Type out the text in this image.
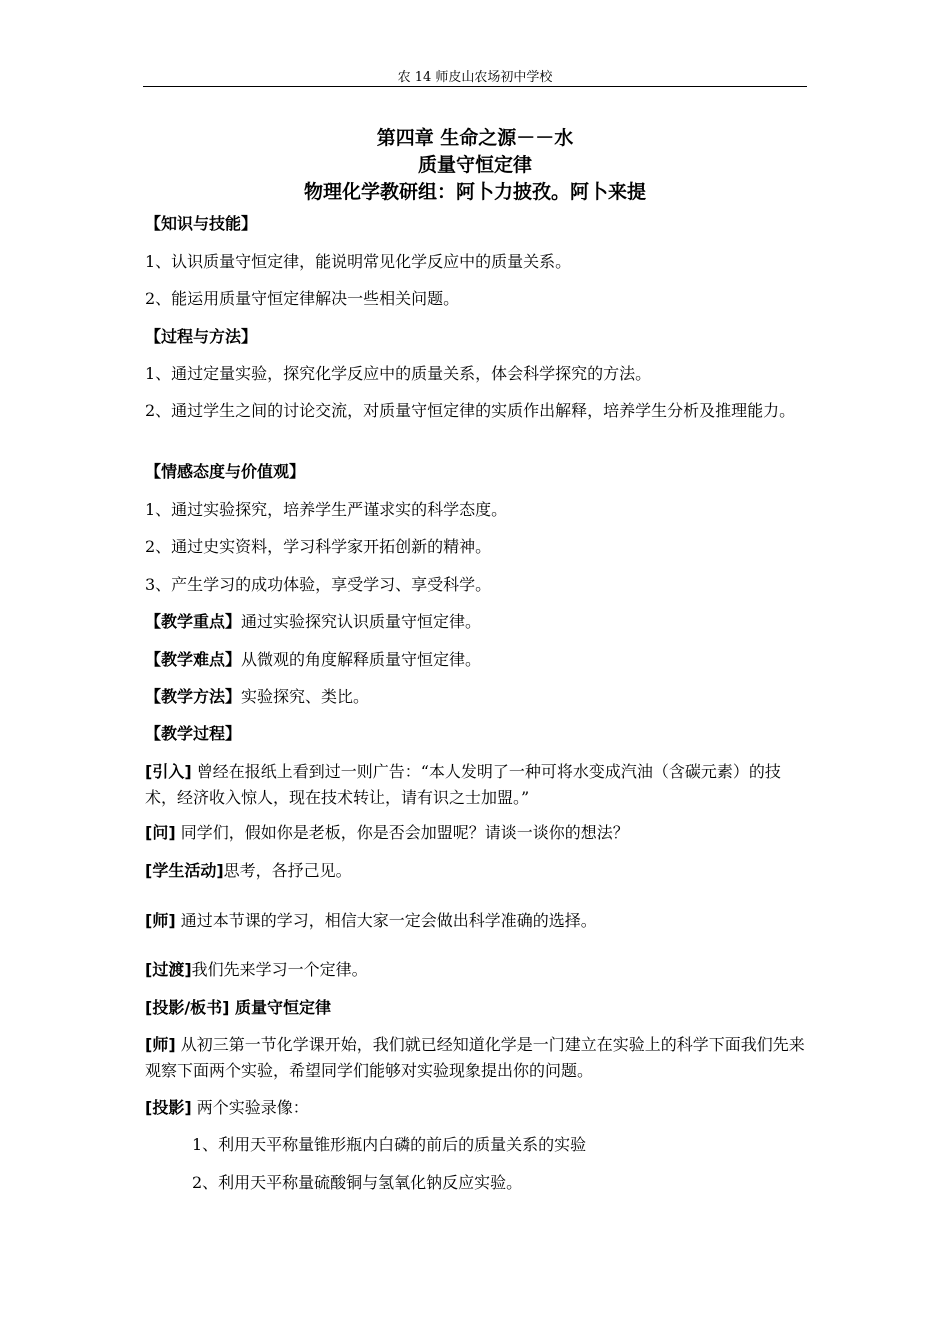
农 14 师皮山农场初中学校
第四章 生命之源－－水
质量守恒定律
物理化学教研组：阿卜力披孜。阿卜来提
【知识与技能】
1、认识质量守恒定律，能说明常见化学反应中的质量关系。
2、能运用质量守恒定律解决一些相关问题。
【过程与方法】
1、通过定量实验，探究化学反应中的质量关系，体会科学探究的方法。
2、通过学生之间的讨论交流，对质量守恒定律的实质作出解释，培养学生分析及推理能力。
【情感态度与价值观】
1、通过实验探究，培养学生严谨求实的科学态度。
2、通过史实资料，学习科学家开拓创新的精神。
3、产生学习的成功体验，享受学习、享受科学。
【教学重点】通过实验探究认识质量守恒定律。
【教学难点】从微观的角度解释质量守恒定律。
【教学方法】实验探究、类比。
【教学过程】
[引入] 曾经在报纸上看到过一则广告：“本人发明了一种可将水变成汽油（含碳元素）的技术，经济收入惊人，现在技术转让，请有识之士加盟。”
[问] 同学们，假如你是老板，你是否会加盟呢？请谈一谈你的想法？
[学生活动]思考，各抒己见。
[师] 通过本节课的学习，相信大家一定会做出科学准确的选择。
[过渡]我们先来学习一个定律。
[投影/板书] 质量守恒定律
[师] 从初三第一节化学课开始，我们就已经知道化学是一门建立在实验上的科学下面我们先来观察下面两个实验，希望同学们能够对实验现象提出你的问题。
[投影] 两个实验录像：
1、利用天平称量锥形瓶内白磷的前后的质量关系的实验
2、利用天平称量硫酸铜与氢氧化钠反应实验。
